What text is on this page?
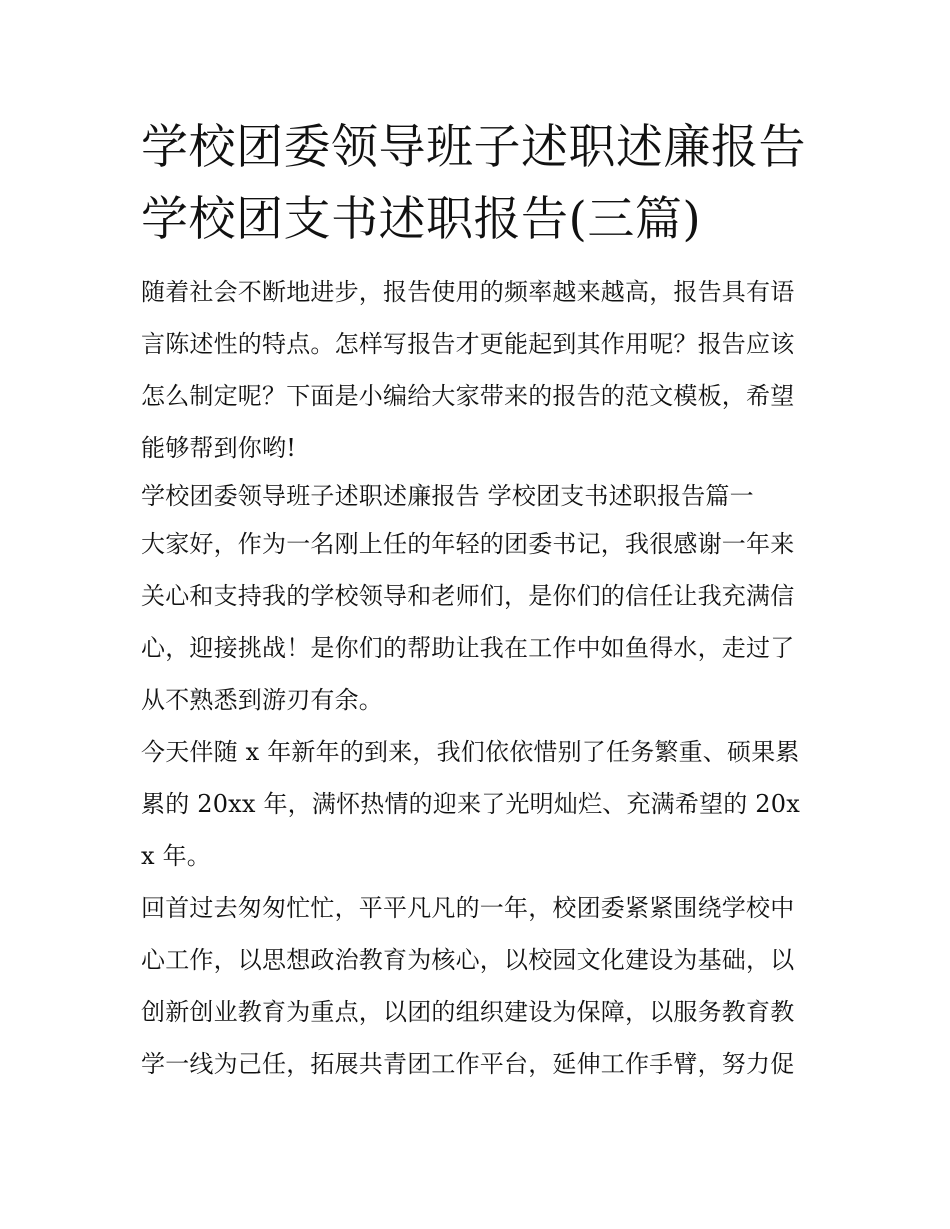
学校团委领导班子述职述廉报告 学校团支书述职报告(三篇)

随着社会不断地进步，报告使用的频率越来越高，报告具有语言陈述性的特点。怎样写报告才更能起到其作用呢？报告应该怎么制定呢？下面是小编给大家带来的报告的范文模板，希望能够帮到你哟!

学校团委领导班子述职述廉报告 学校团支书述职报告篇一

大家好，作为一名刚上任的年轻的团委书记，我很感谢一年来关心和支持我的学校领导和老师们，是你们的信任让我充满信心，迎接挑战！是你们的帮助让我在工作中如鱼得水，走过了从不熟悉到游刃有余。

今天伴随 x 年新年的到来，我们依依惜别了任务繁重、硕果累累的 20xx 年，满怀热情的迎来了光明灿烂、充满希望的 20xx 年。

回首过去匆匆忙忙，平平凡凡的一年，校团委紧紧围绕学校中心工作，以思想政治教育为核心，以校园文化建设为基础，以创新创业教育为重点，以团的组织建设为保障，以服务教育教学一线为己任，拓展共青团工作平台，延伸工作手臂，努力促
